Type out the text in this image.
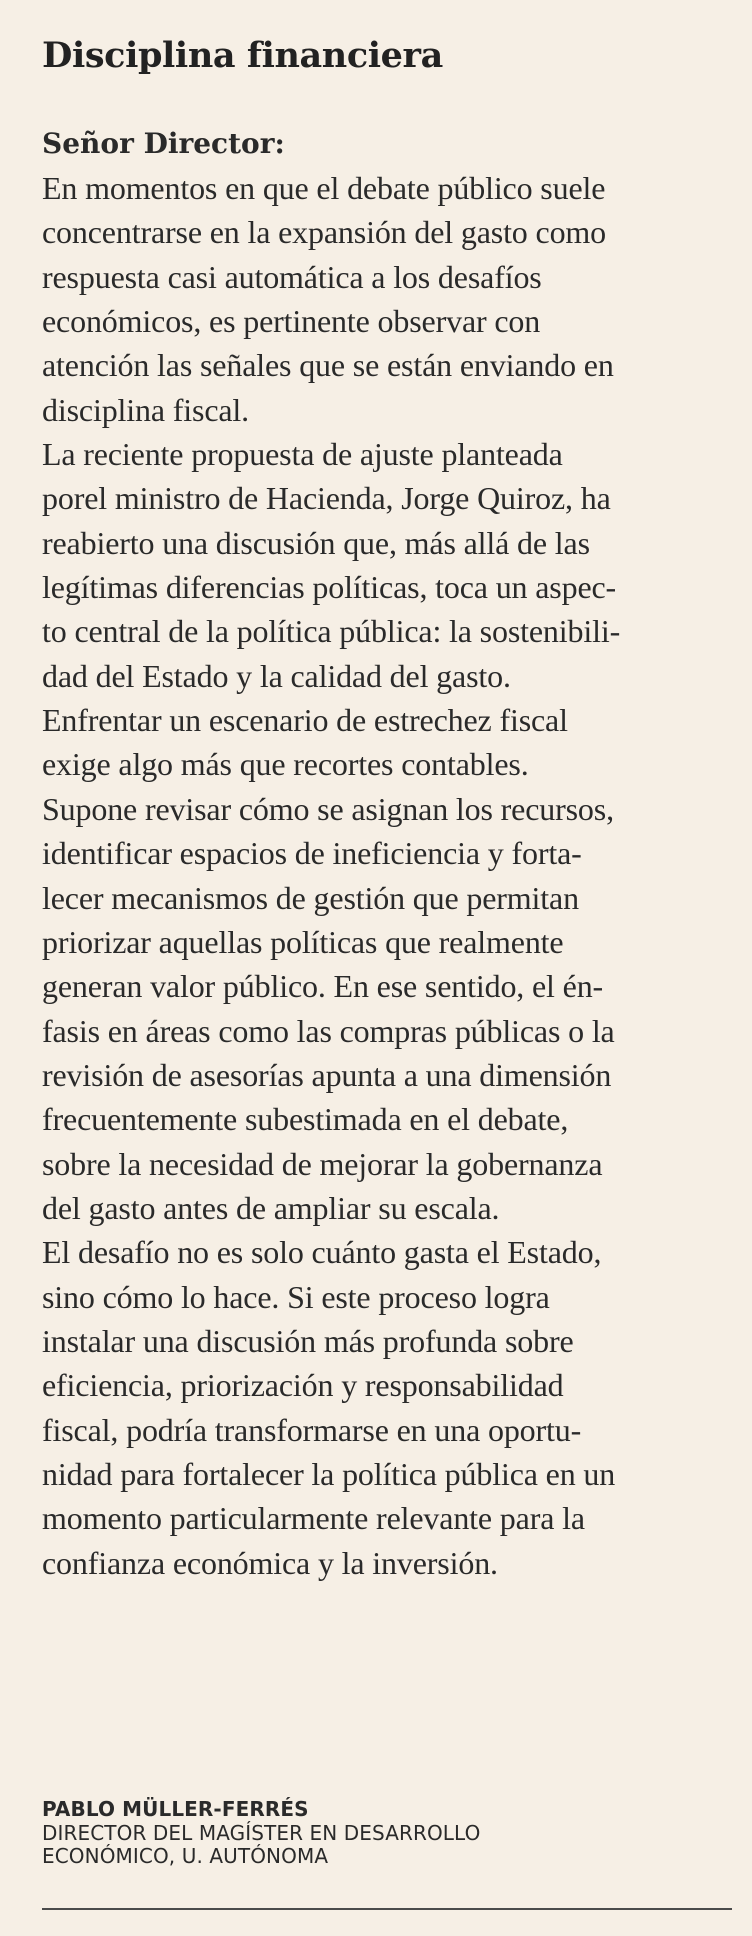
Disciplina financiera
Señor Director:
En momentos en que el debate público suele
concentrarse en la expansión del gasto como
respuesta casi automática a los desafíos
económicos, es pertinente observar con
atención las señales que se están enviando en
disciplina fiscal.
La reciente propuesta de ajuste planteada
porel ministro de Hacienda, Jorge Quiroz, ha
reabierto una discusión que, más allá de las
legítimas diferencias políticas, toca un aspec-
to central de la política pública: la sostenibili-
dad del Estado y la calidad del gasto.
Enfrentar un escenario de estrechez fiscal
exige algo más que recortes contables.
Supone revisar cómo se asignan los recursos,
identificar espacios de ineficiencia y forta-
lecer mecanismos de gestión que permitan
priorizar aquellas políticas que realmente
generan valor público. En ese sentido, el én-
fasis en áreas como las compras públicas o la
revisión de asesorías apunta a una dimensión
frecuentemente subestimada en el debate,
sobre la necesidad de mejorar la gobernanza
del gasto antes de ampliar su escala.
El desafío no es solo cuánto gasta el Estado,
sino cómo lo hace. Si este proceso logra
instalar una discusión más profunda sobre
eficiencia, priorización y responsabilidad
fiscal, podría transformarse en una oportu-
nidad para fortalecer la política pública en un
momento particularmente relevante para la
confianza económica y la inversión.
PABLO MÜLLER-FERRÉS
DIRECTOR DEL MAGÍSTER EN DESARROLLO
ECONÓMICO, U. AUTÓNOMA
